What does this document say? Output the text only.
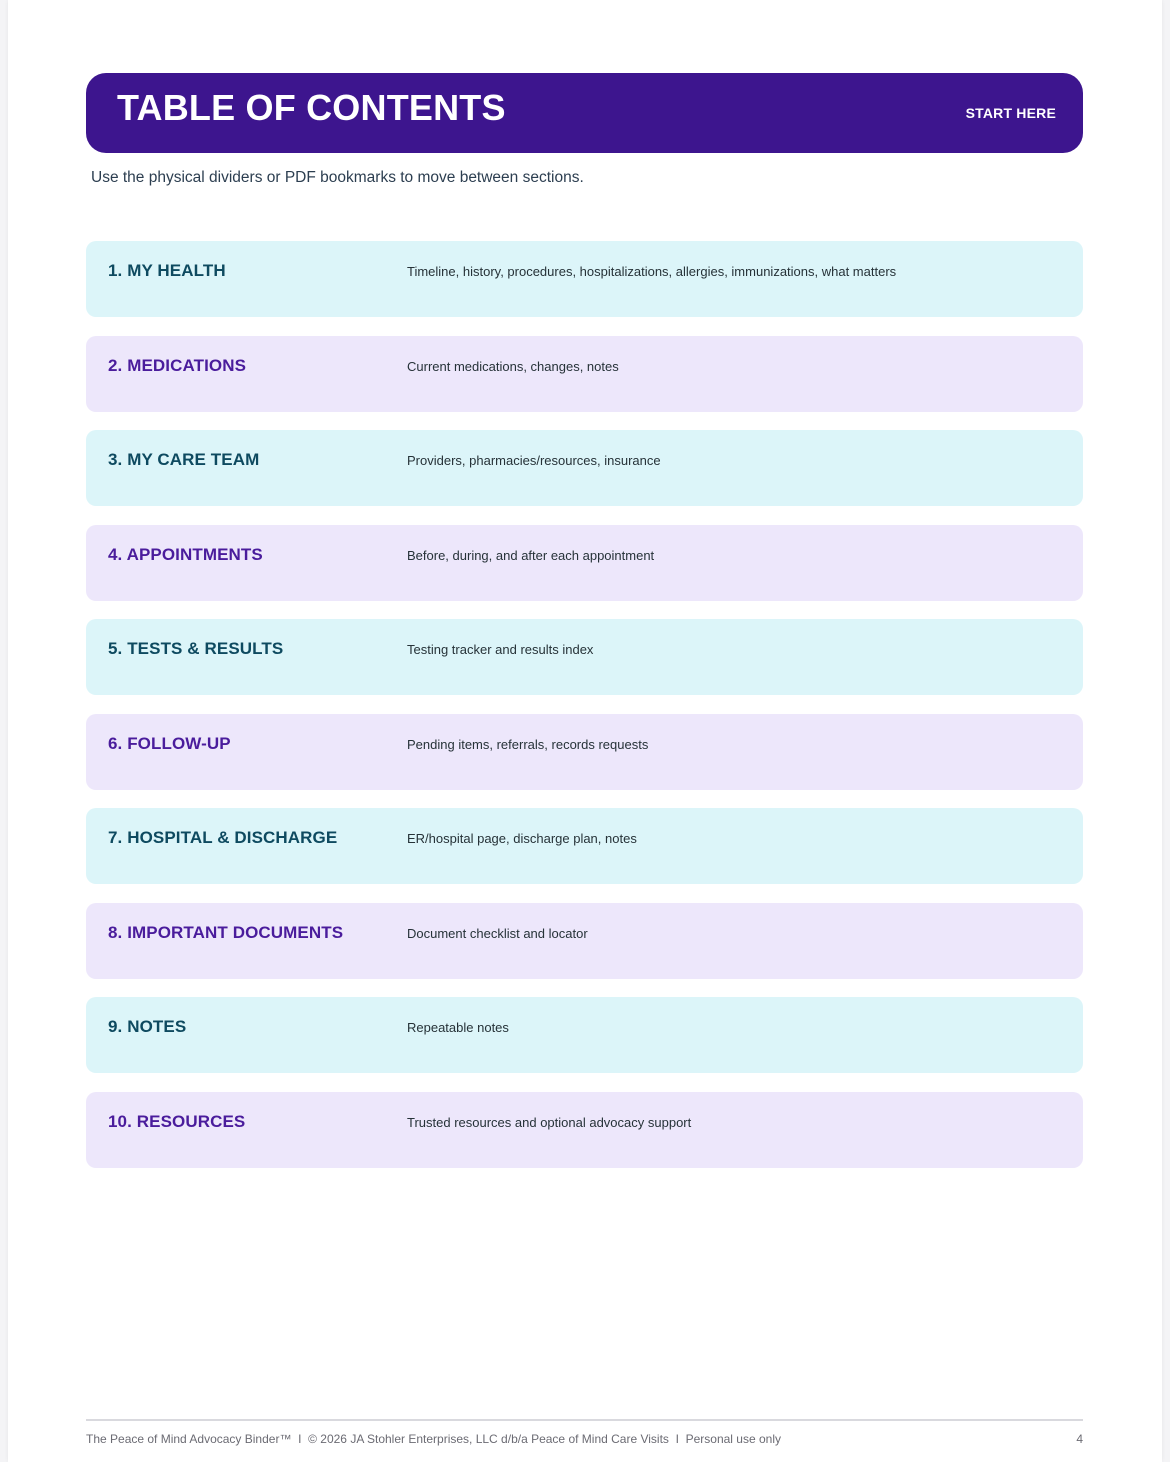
TABLE OF CONTENTS	START HERE
Use the physical dividers or PDF bookmarks to move between sections.
1. MY HEALTH	Timeline, history, procedures, hospitalizations, allergies, immunizations, what matters
2. MEDICATIONS	Current medications, changes, notes
3. MY CARE TEAM	Providers, pharmacies/resources, insurance
4. APPOINTMENTS	Before, during, and after each appointment
5. TESTS & RESULTS	Testing tracker and results index
6. FOLLOW-UP	Pending items, referrals, records requests
7. HOSPITAL & DISCHARGE	ER/hospital page, discharge plan, notes
8. IMPORTANT DOCUMENTS	Document checklist and locator
9. NOTES	Repeatable notes
10. RESOURCES	Trusted resources and optional advocacy support
The Peace of Mind Advocacy Binder™  I  © 2026 JA Stohler Enterprises, LLC d/b/a Peace of Mind Care Visits  I  Personal use only	4
